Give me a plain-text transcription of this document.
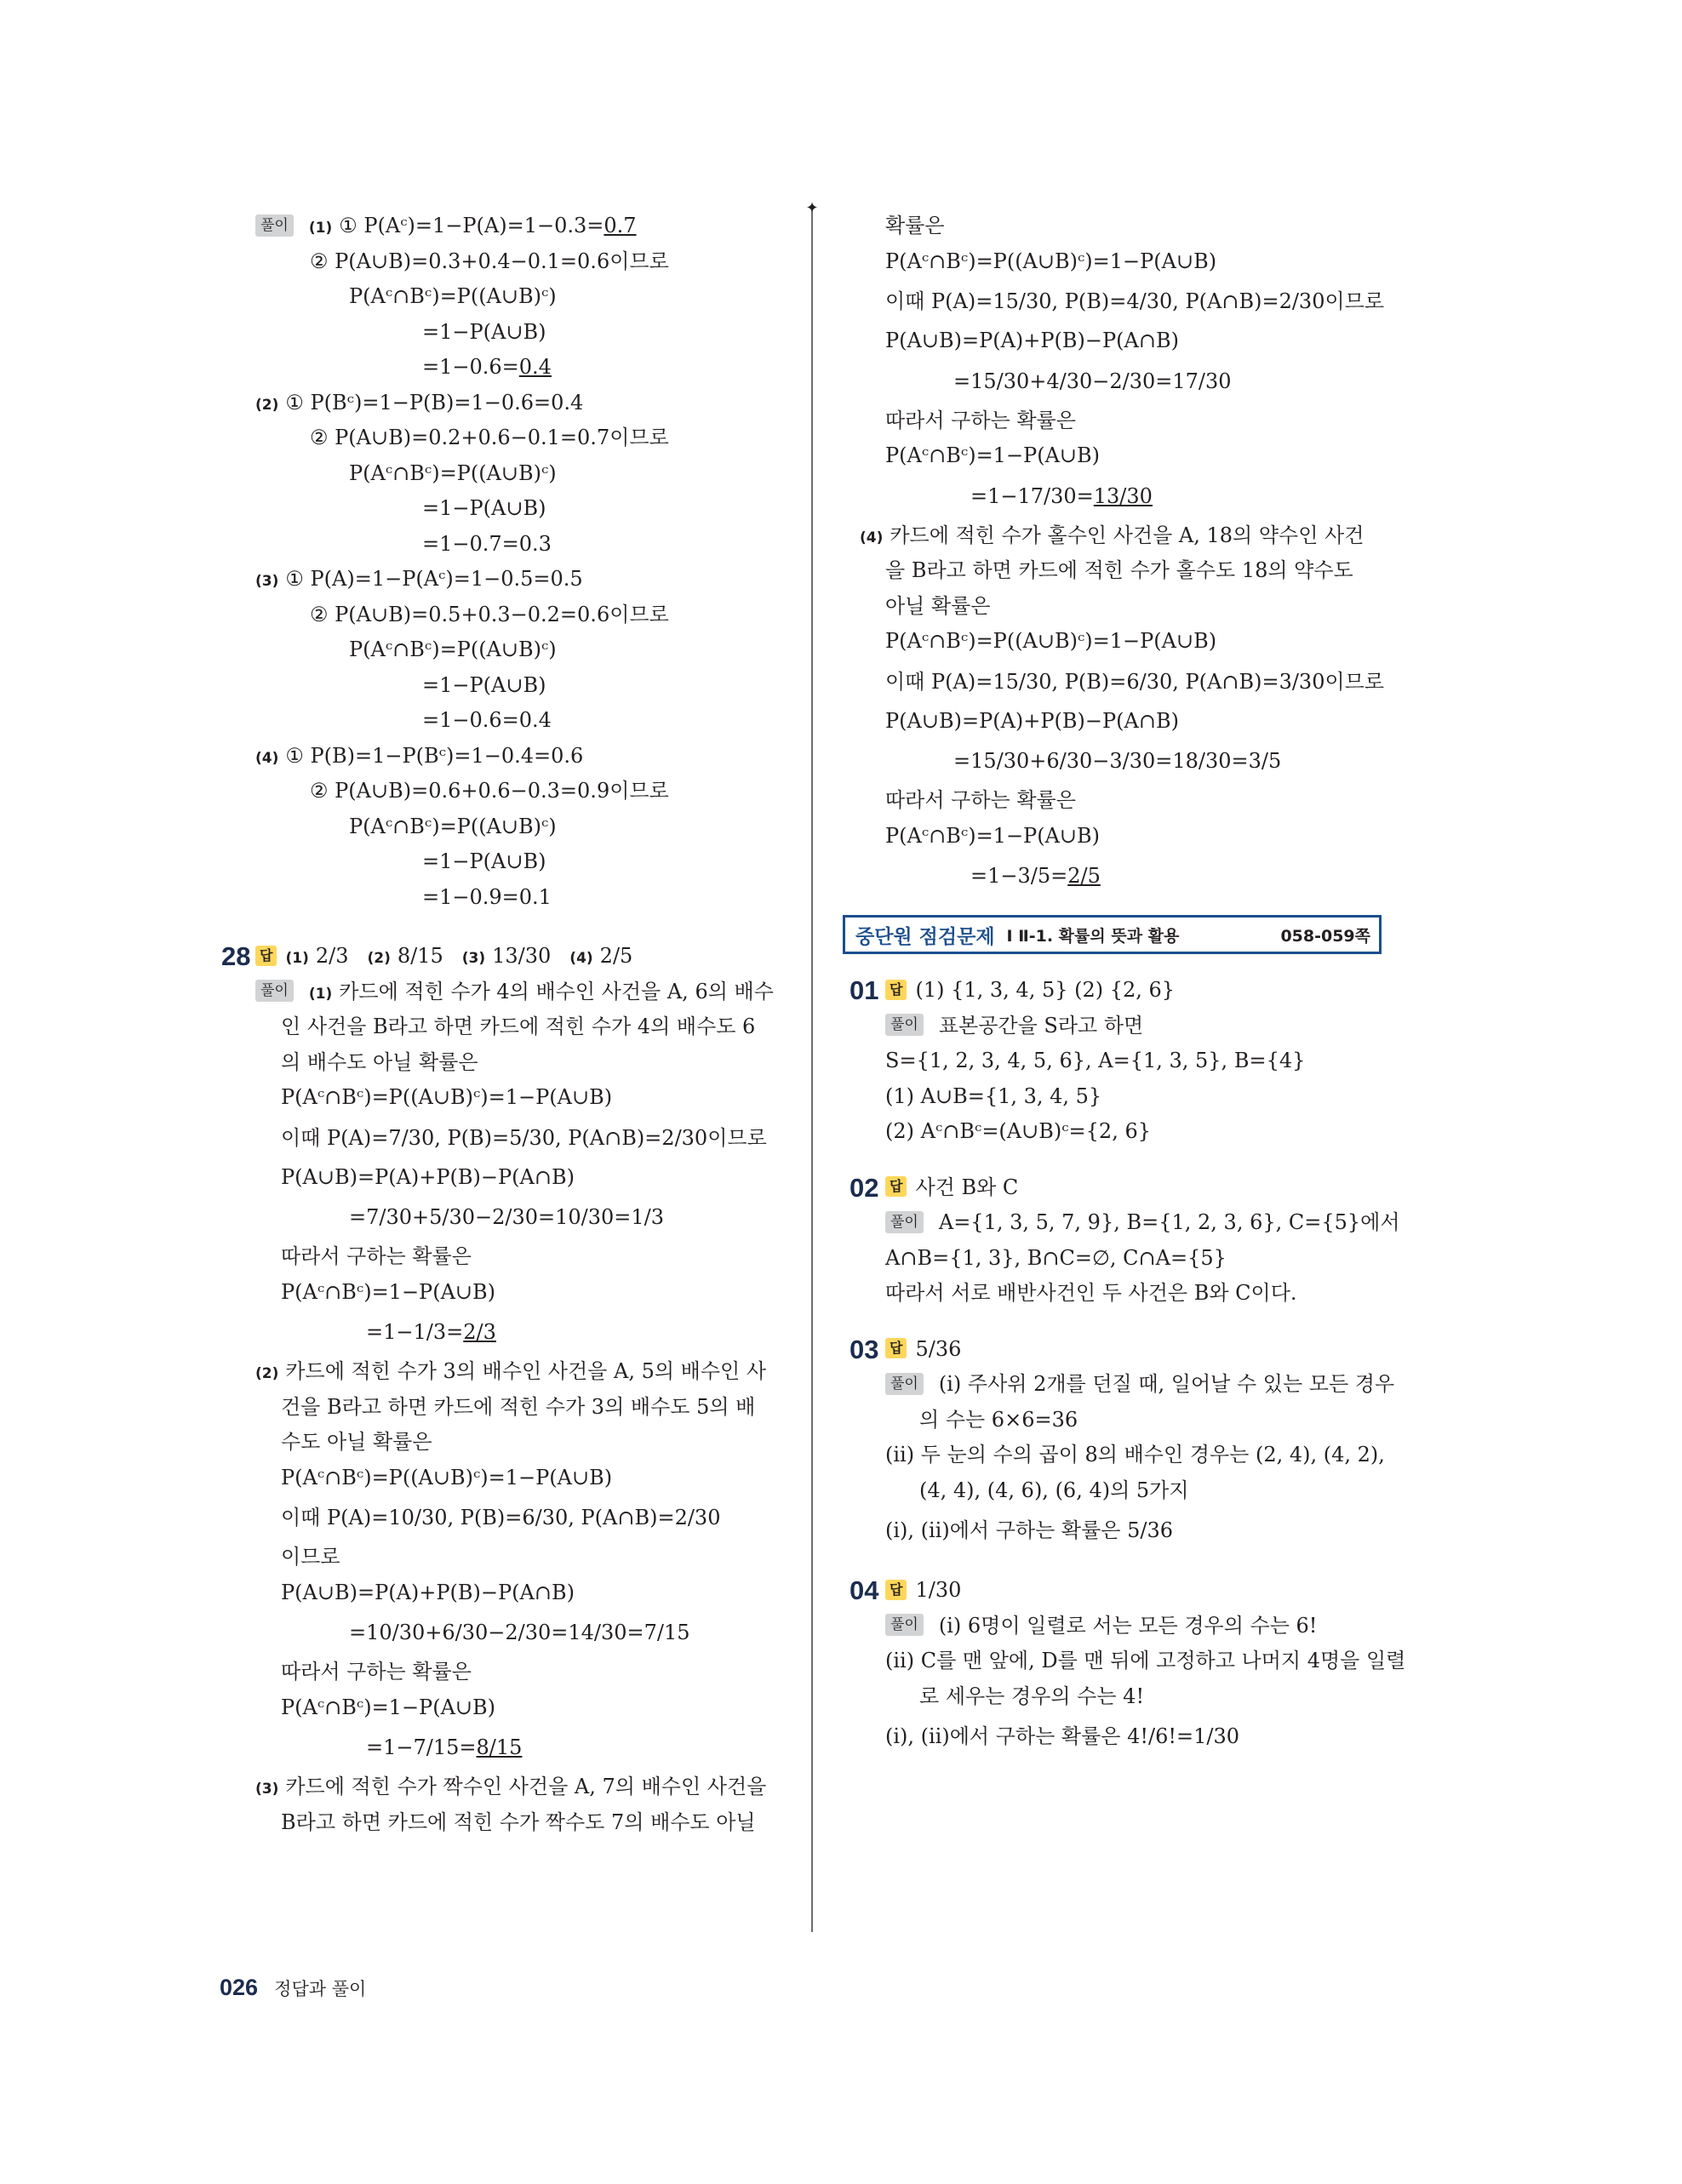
✦
풀이 (1) ① P(Aᶜ)=1−P(A)=1−0.3=0.7
② P(A∪B)=0.3+0.4−0.1=0.6이므로
P(Aᶜ∩Bᶜ)=P((A∪B)ᶜ)
=1−P(A∪B)
=1−0.6=0.4
(2) ① P(Bᶜ)=1−P(B)=1−0.6=0.4
② P(A∪B)=0.2+0.6−0.1=0.7이므로
P(Aᶜ∩Bᶜ)=P((A∪B)ᶜ)
=1−P(A∪B)
=1−0.7=0.3
(3) ① P(A)=1−P(Aᶜ)=1−0.5=0.5
② P(A∪B)=0.5+0.3−0.2=0.6이므로
P(Aᶜ∩Bᶜ)=P((A∪B)ᶜ)
=1−P(A∪B)
=1−0.6=0.4
(4) ① P(B)=1−P(Bᶜ)=1−0.4=0.6
② P(A∪B)=0.6+0.6−0.3=0.9이므로
P(Aᶜ∩Bᶜ)=P((A∪B)ᶜ)
=1−P(A∪B)
=1−0.9=0.1
28 답 (1) 2/3 (2) 8/15 (3) 13/30 (4) 2/5
풀이 (1) 카드에 적힌 수가 4의 배수인 사건을 A, 6의 배수
인 사건을 B라고 하면 카드에 적힌 수가 4의 배수도 6
의 배수도 아닐 확률은
P(Aᶜ∩Bᶜ)=P((A∪B)ᶜ)=1−P(A∪B)
이때 P(A)=7/30, P(B)=5/30, P(A∩B)=2/30이므로
P(A∪B)=P(A)+P(B)−P(A∩B)
=7/30+5/30−2/30=10/30=1/3
따라서 구하는 확률은
P(Aᶜ∩Bᶜ)=1−P(A∪B)
=1−1/3=2/3
(2) 카드에 적힌 수가 3의 배수인 사건을 A, 5의 배수인 사
건을 B라고 하면 카드에 적힌 수가 3의 배수도 5의 배
수도 아닐 확률은
P(Aᶜ∩Bᶜ)=P((A∪B)ᶜ)=1−P(A∪B)
이때 P(A)=10/30, P(B)=6/30, P(A∩B)=2/30
이므로
P(A∪B)=P(A)+P(B)−P(A∩B)
=10/30+6/30−2/30=14/30=7/15
따라서 구하는 확률은
P(Aᶜ∩Bᶜ)=1−P(A∪B)
=1−7/15=8/15
(3) 카드에 적힌 수가 짝수인 사건을 A, 7의 배수인 사건을
B라고 하면 카드에 적힌 수가 짝수도 7의 배수도 아닐
확률은
P(Aᶜ∩Bᶜ)=P((A∪B)ᶜ)=1−P(A∪B)
이때 P(A)=15/30, P(B)=4/30, P(A∩B)=2/30이므로
P(A∪B)=P(A)+P(B)−P(A∩B)
=15/30+4/30−2/30=17/30
따라서 구하는 확률은
P(Aᶜ∩Bᶜ)=1−P(A∪B)
=1−17/30=13/30
(4) 카드에 적힌 수가 홀수인 사건을 A, 18의 약수인 사건
을 B라고 하면 카드에 적힌 수가 홀수도 18의 약수도
아닐 확률은
P(Aᶜ∩Bᶜ)=P((A∪B)ᶜ)=1−P(A∪B)
이때 P(A)=15/30, P(B)=6/30, P(A∩B)=3/30이므로
P(A∪B)=P(A)+P(B)−P(A∩B)
=15/30+6/30−3/30=18/30=3/5
따라서 구하는 확률은
P(Aᶜ∩Bᶜ)=1−P(A∪B)
=1−3/5=2/5
중단원 점검문제 I Ⅱ-1. 확률의 뜻과 활용	058-059쪽
01 답 (1) {1, 3, 4, 5} (2) {2, 6}
풀이 표본공간을 S라고 하면
S={1, 2, 3, 4, 5, 6}, A={1, 3, 5}, B={4}
(1) A∪B={1, 3, 4, 5}
(2) Aᶜ∩Bᶜ=(A∪B)ᶜ={2, 6}
02 답 사건 B와 C
풀이 A={1, 3, 5, 7, 9}, B={1, 2, 3, 6}, C={5}에서
A∩B={1, 3}, B∩C=∅, C∩A={5}
따라서 서로 배반사건인 두 사건은 B와 C이다.
03 답 5/36
풀이 (ⅰ) 주사위 2개를 던질 때, 일어날 수 있는 모든 경우
의 수는 6×6=36
(ⅱ) 두 눈의 수의 곱이 8의 배수인 경우는 (2, 4), (4, 2),
(4, 4), (4, 6), (6, 4)의 5가지
(ⅰ), (ⅱ)에서 구하는 확률은 5/36
04 답 1/30
풀이 (ⅰ) 6명이 일렬로 서는 모든 경우의 수는 6!
(ⅱ) C를 맨 앞에, D를 맨 뒤에 고정하고 나머지 4명을 일렬
로 세우는 경우의 수는 4!
(ⅰ), (ⅱ)에서 구하는 확률은 4!/6!=1/30
026 정답과 풀이
